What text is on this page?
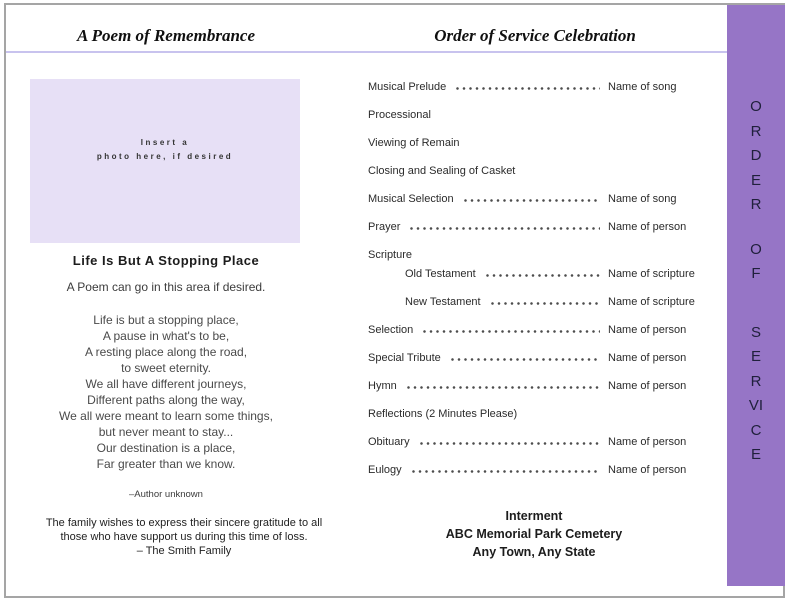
A Poem of Remembrance	Order of Service Celebration
Insert a
photo here, if desired
Life Is But A Stopping Place
A Poem can go in this area if desired.
Life is but a stopping place,
A pause in what's to be,
A resting place along the road,
to sweet eternity.
We all have different journeys,
Different paths along the way,
We all were meant to learn some things,
but never meant to stay...
Our destination is a place,
Far greater than we know.
–Author unknown
The family wishes to express their sincere gratitude to all
those who have support us during this time of loss.
– The Smith Family
Musical Prelude	Name of song
Processional
Viewing of Remain
Closing and Sealing of Casket
Musical Selection	Name of song
Prayer	Name of person
Scripture
Old Testament	Name of scripture
New Testament	Name of scripture
Selection	Name of person
Special Tribute	Name of person
Hymn	Name of person
Reflections (2 Minutes Please)
Obituary	Name of person
Eulogy	Name of person
Interment
ABC Memorial Park Cemetery
Any Town, Any State
ORDER
OF
SERVICE
